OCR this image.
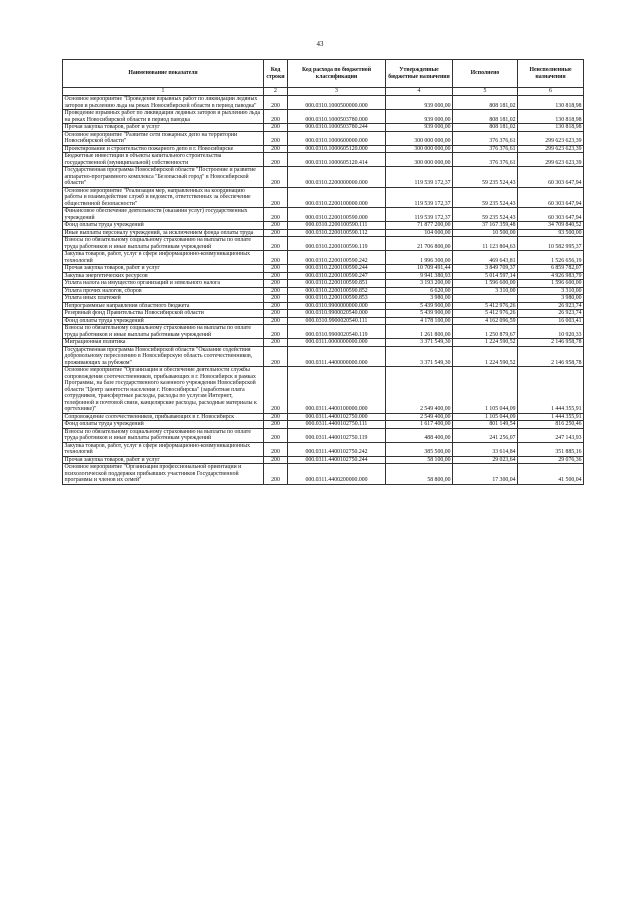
43
Наименование показателя	Код строки	Код расхода по бюджетной классификации	Утвержденные бюджетные назначения	Исполнено	Неисполненные назначения
1	2	3	4	5	6
Основное мероприятие "Проведение взрывных работ по ликвидации ледяных заторов и рыхлению льда на реках Новосибирской области в период паводка"	200	000.0310.1000500000.000	939 000,00	808 181,02	130 818,98
Проведение взрывных работ по ликвидации ледяных заторов и рыхлению льда на реках Новосибирской области в период паводка	200	000.0310.1000503780.000	939 000,00	808 181,02	130 818,98
Прочая закупка товаров, работ и услуг	200	000.0310.1000503780.244	939 000,00	808 181,02	130 818,98
Основное мероприятие "Развитие сети пожарных депо на территории Новосибирской области"	200	000.0310.1000600000.000	300 000 000,00	376 376,61	299 623 623,39
Проектирование и строительство пожарного депо в г. Новосибирске	200	000.0310.1000605120.000	300 000 000,00	376 376,61	299 623 623,39
Бюджетные инвестиции в объекты капитального строительства государственной (муниципальной) собственности	200	000.0310.1000605120.414	300 000 000,00	376 376,61	299 623 623,39
Государственная программа Новосибирской области "Построение и развитие аппаратно-программного комплекса "Безопасный город" в Новосибирской области"	200	000.0310.2200000000.000	119 539 172,37	59 235 524,43	60 303 647,94
Основное мероприятие "Реализация мер, направленных на координацию работы и взаимодействие служб и ведомств, ответственных за обеспечение общественной безопасности"	200	000.0310.2200100000.000	119 539 172,37	59 235 524,43	60 303 647,94
Финансовое обеспечение деятельности (оказания услуг) государственных учреждений	200	000.0310.2200100590.000	119 539 172,37	59 235 524,43	60 303 647,94
Фонд оплаты труда учреждений	200	000.0310.2200100590.111	71 877 200,00	37 167 359,48	34 709 840,52
Иные выплаты персоналу учреждений, за исключением фонда оплаты труда	200	000.0310.2200100590.112	104 000,00	10 500,00	93 500,00
Взносы по обязательному социальному страхованию на выплаты по оплате труда работников и иные выплаты работникам учреждений	200	000.0310.2200100590.119	21 706 800,00	11 123 804,63	10 582 995,37
Закупка товаров, работ, услуг в сфере информационно-коммуникационных технологий	200	000.0310.2200100590.242	1 996 300,00	469 643,81	1 526 656,19
Прочая закупка товаров, работ и услуг	200	000.0310.2200100590.244	10 709 491,44	3 849 709,37	6 859 782,07
Закупка энергетических ресурсов	200	000.0310.2200100590.247	9 941 380,93	5 014 597,14	4 926 983,79
Уплата налога на имущество организаций и земельного налога	200	000.0310.2200100590.851	3 193 200,00	1 596 600,00	1 596 600,00
Уплата прочих налогов, сборов	200	000.0310.2200100590.852	6 620,00	3 310,00	3 310,00
Уплата иных платежей	200	000.0310.2200100590.853	3 980,00		3 980,00
Непрограммные направления областного бюджета	200	000.0310.9900000000.000	5 439 900,00	5 412 976,26	26 923,74
Резервный фонд Правительства Новосибирской области	200	000.0310.9900020540.000	5 439 900,00	5 412 976,26	26 923,74
Фонд оплаты труда учреждений	200	000.0310.9900020540.111	4 178 100,00	4 162 096,59	16 003,41
Взносы по обязательному социальному страхованию на выплаты по оплате труда работников и иные выплаты работникам учреждений	200	000.0310.9900020540.119	1 261 800,00	1 250 879,67	10 920,33
Миграционная политика	200	000.0311.0000000000.000	3 371 549,30	1 224 590,52	2 146 958,78
Государственная программа Новосибирской области "Оказание содействия добровольному переселению в Новосибирскую область соотечественников, проживающих за рубежом"	200	000.0311.4400000000.000	3 371 549,30	1 224 590,52	2 146 958,78
Основное мероприятие "Организация и обеспечение деятельности службы сопровождения соотечественников, прибывающих в г. Новосибирск в рамках Программы, на базе государственного казенного учреждения Новосибирской области "Центр занятости населения г. Новосибирска" (заработная плата сотрудников, трансфертные расходы, расходы по услугам Интернет, телефонной и почтовой связи, канцелярские расходы, расходные материалы к оргтехнике)"	200	000.0311.4400100000.000	2 549 400,00	1 105 044,09	1 444 355,91
Сопровождение соотечественников, прибывающих в г. Новосибирск	200	000.0311.4400102750.000	2 549 400,00	1 105 044,09	1 444 355,91
Фонд оплаты труда учреждений	200	000.0311.4400102750.111	1 617 400,00	801 149,54	816 250,46
Взносы по обязательному социальному страхованию на выплаты по оплате труда работников и иные выплаты работникам учреждений	200	000.0311.4400102750.119	488 400,00	241 256,07	247 143,93
Закупка товаров, работ, услуг в сфере информационно-коммуникационных технологий	200	000.0311.4400102750.242	385 500,00	33 614,84	351 885,16
Прочая закупка товаров, работ и услуг	200	000.0311.4400102750.244	58 100,00	29 023,64	29 076,36
Основное мероприятие "Организация профессиональной ориентации и психологической поддержки прибывших участников Государственной программы и членов их семей"	200	000.0311.4400200000.000	58 800,00	17 300,04	41 500,04
